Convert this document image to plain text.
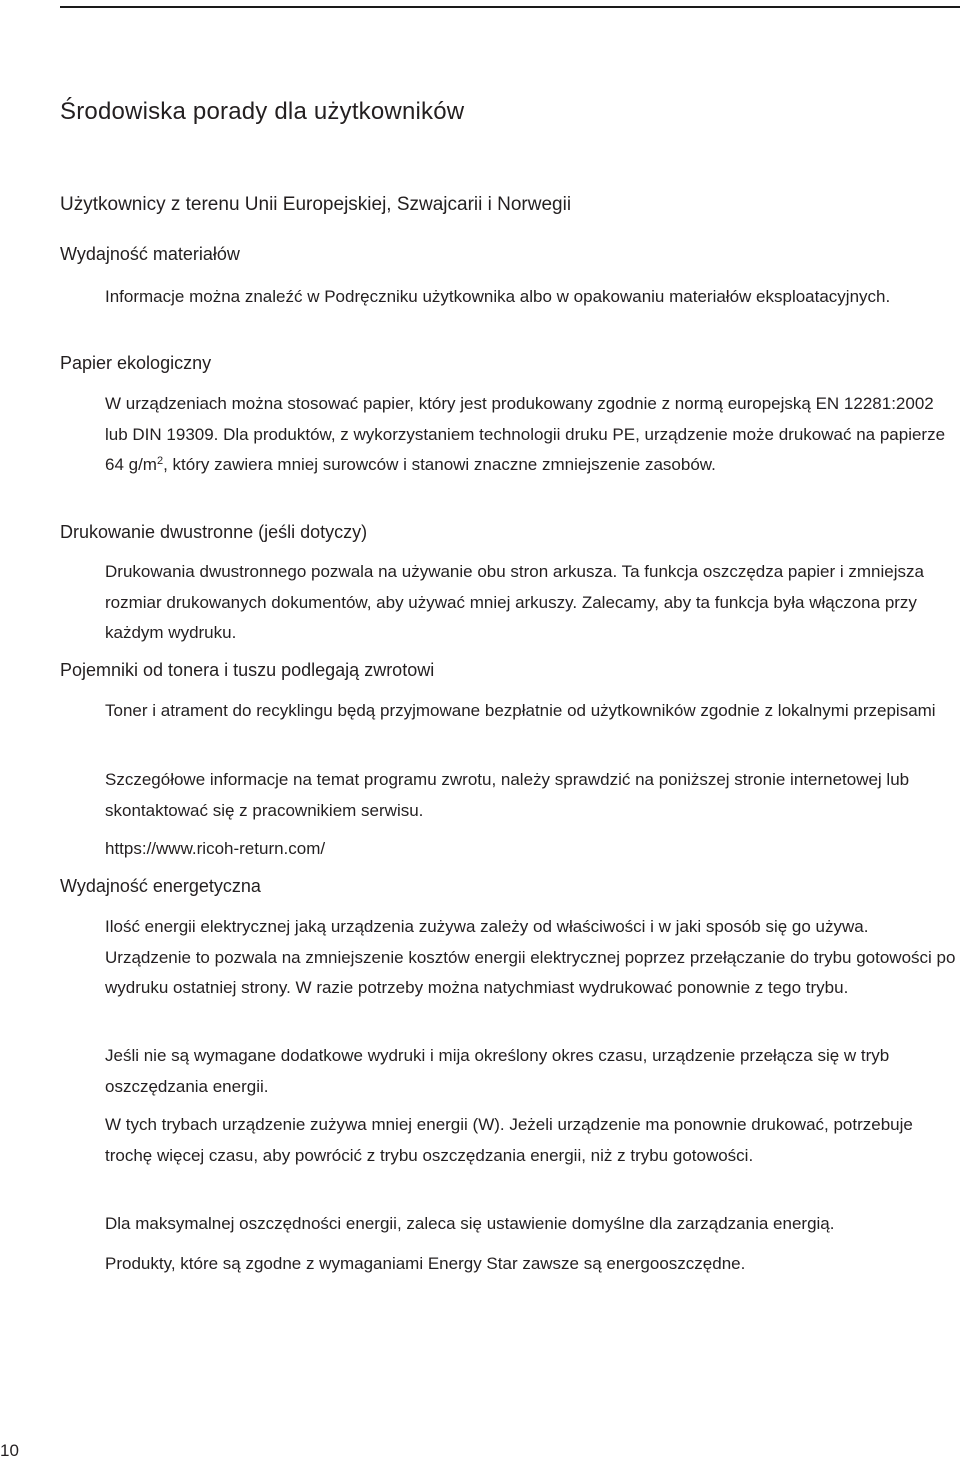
Środowiska porady dla użytkowników
Użytkownicy z terenu Unii Europejskiej, Szwajcarii i Norwegii
Wydajność materiałów

Informacje można znaleźć w Podręczniku użytkownika albo w opakowaniu materiałów eksploatacyjnych.

Papier ekologiczny

W urządzeniach można stosować papier, który jest produkowany zgodnie z normą europejską EN 12281:2002 lub DIN 19309. Dla produktów, z wykorzystaniem technologii druku PE, urządzenie może drukować na papierze 64 $g/m^2$, który zawiera mniej surowców i stanowi znaczne zmniejszenie zasobów.

Drukowanie dwustronne (jeśli dotyczy)

Drukowania dwustronnego pozwala na używanie obu stron arkusza. Ta funkcja oszczędza papier i zmniejsza rozmiar drukowanych dokumentów, aby używać mniej arkuszy. Zalecamy, aby ta funkcja była włączona przy każdym wydruku.

Pojemniki od tonera i tuszu podlegają zwrotowi

Toner i atrament do recyklingu będą przyjmowane bezpłatnie od użytkowników zgodnie z lokalnymi przepisami

Szczegółowe informacje na temat programu zwrotu, należy sprawdzić na poniższej stronie internetowej lub skontaktować się z pracownikiem serwisu.

https://www.ricoh-return.com/

Wydajność energetyczna

Ilość energii elektrycznej jaką urządzenia zużywa zależy od właściwości i w jaki sposób się go używa. Urządzenie to pozwala na zmniejszenie kosztów energii elektrycznej poprzez przełączanie do trybu gotowości po wydruku ostatniej strony. W razie potrzeby można natychmiast wydrukować ponownie z tego trybu.

Jeśli nie są wymagane dodatkowe wydruki i mija określony okres czasu, urządzenie przełącza się w tryb oszczędzania energii.

W tych trybach urządzenie zużywa mniej energii (W). Jeżeli urządzenie ma ponownie drukować, potrzebuje trochę więcej czasu, aby powrócić z trybu oszczędzania energii, niż z trybu gotowości.

Dla maksymalnej oszczędności energii, zaleca się ustawienie domyślne dla zarządzania energią.

Produkty, które są zgodne z wymaganiami Energy Star zawsze są energooszczędne.

10
